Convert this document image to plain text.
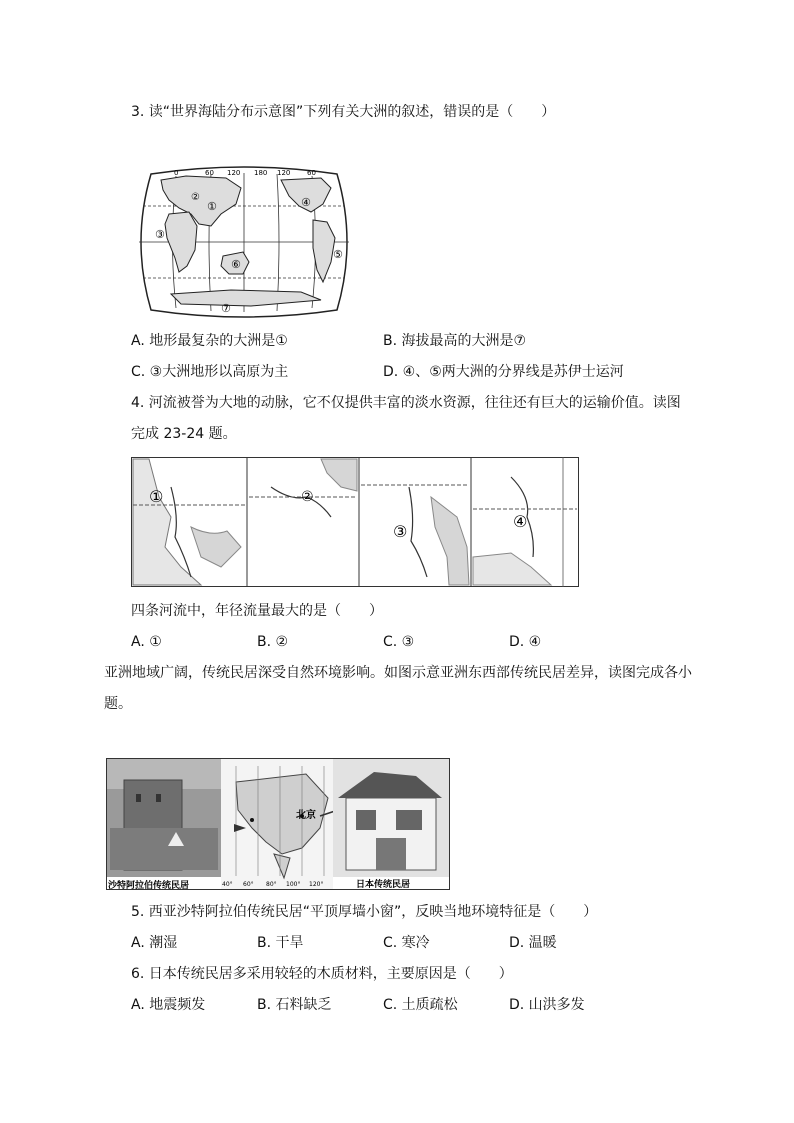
3. 读“世界海陆分布示意图”下列有关大洲的叙述，错误的是（　　）
0	60 120 180 120 60
①
②
③
④
⑤
⑥
⑦
A. 地形最复杂的大洲是①	B. 海拔最高的大洲是⑦
C. ③大洲地形以高原为主	D. ④、⑤两大洲的分界线是苏伊士运河
4. 河流被誉为大地的动脉，它不仅提供丰富的淡水资源，往往还有巨大的运输价值。读图
完成 23-24 题。
①	②
③
④
四条河流中，年径流量最大的是（　　）
A. ①	B. ②	C. ③	D. ④
亚洲地域广阔，传统民居深受自然环境影响。如图示意亚洲东西部传统民居差异，读图完成各小
题。
沙特阿拉伯传统民居
北京
40° 60° 80° 100° 120°	日本传统民居
5. 西亚沙特阿拉伯传统民居“平顶厚墙小窗”，反映当地环境特征是（　　）
A. 潮湿	B. 干旱	C. 寒冷	D. 温暖
6. 日本传统民居多采用较轻的木质材料，主要原因是（　　）
A. 地震频发	B. 石料缺乏	C. 土质疏松	D. 山洪多发
